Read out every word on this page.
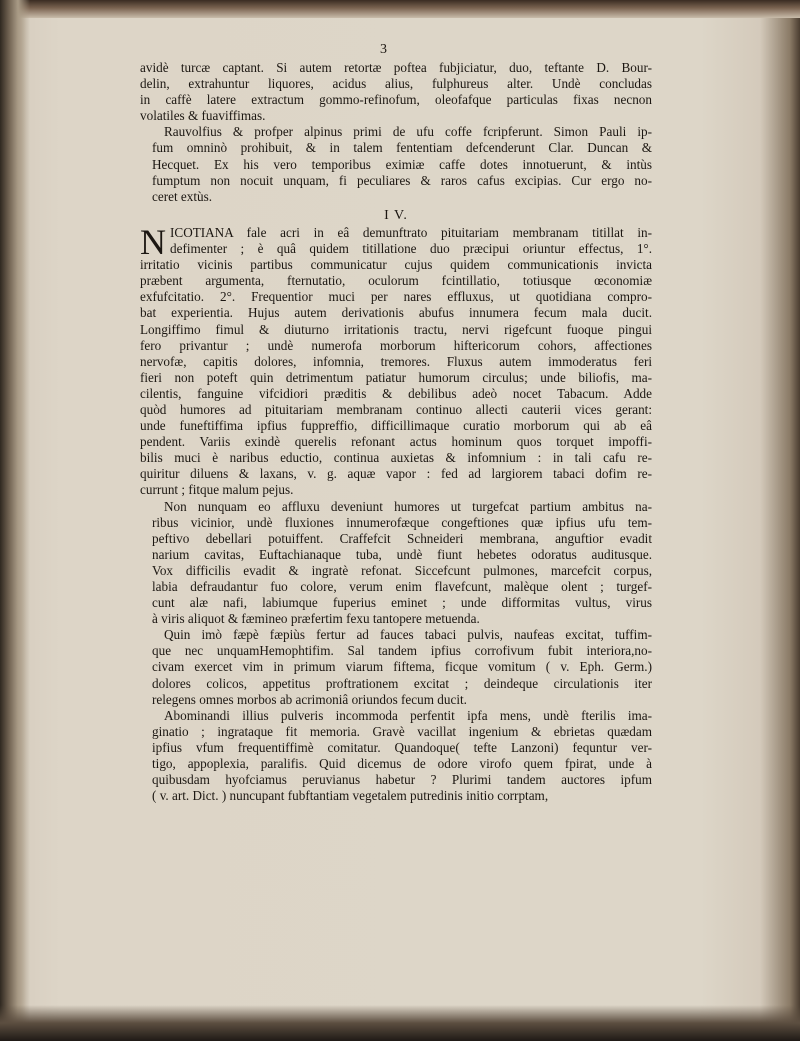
3
avidè turcæ captant. Si autem retortæ poftea fubjiciatur, duo, teftante D. Bour-
delin, extrahuntur liquores, acidus alius, fulphureus alter. Undè concludas
in caffè latere extractum gommo-refinofum, oleofafque particulas fixas necnon
volatiles & fuaviffimas.
Rauvolfius & profper alpinus primi de ufu coffe fcripferunt. Simon Pauli ip-
fum omninò prohibuit, & in talem fententiam defcenderunt Clar. Duncan &
Hecquet. Ex his vero temporibus eximiæ caffe dotes innotuerunt, & intùs
fumptum non nocuit unquam, fi peculiares & raros cafus excipias. Cur ergo no-
ceret extùs.
I V.
N ICOTIANA fale acri in eâ demunftrato pituitariam membranam titillat in-
defimenter ; è quâ quidem titillatione duo præcipui oriuntur effectus, 1°.
irritatio vicinis partibus communicatur cujus quidem communicationis invicta
præbent argumenta, fternutatio, oculorum fcintillatio, totiusque œconomiæ
exfufcitatio. 2°. Frequentior muci per nares effluxus, ut quotidiana compro-
bat experientia. Hujus autem derivationis abufus innumera fecum mala ducit.
Longiffimo fimul & diuturno irritationis tractu, nervi rigefcunt fuoque pingui
fero privantur ; undè numerofa morborum hiftericorum cohors, affectiones
nervofæ, capitis dolores, infomnia, tremores. Fluxus autem immoderatus feri
fieri non poteft quin detrimentum patiatur humorum circulus; unde biliofis, ma-
cilentis, fanguine vifcidiori præditis & debilibus adeò nocet Tabacum. Adde
quòd humores ad pituitariam membranam continuo allecti cauterii vices gerant:
unde funeftiffima ipfius fuppreffio, difficillimaque curatio morborum qui ab eâ
pendent. Variis exindè querelis refonant actus hominum quos torquet impoffi-
bilis muci è naribus eductio, continua auxietas & infomnium : in tali cafu re-
quiritur diluens & laxans, v. g. aquæ vapor : fed ad largiorem tabaci dofim re-
currunt ; fitque malum pejus.
Non nunquam eo affluxu deveniunt humores ut turgefcat partium ambitus na-
ribus vicinior, undè fluxiones innumerofæque congeftiones quæ ipfius ufu tem-
peftivo debellari potuiffent. Craffefcit Schneideri membrana, anguftior evadit
narium cavitas, Euftachianaque tuba, undè fiunt hebetes odoratus auditusque.
Vox difficilis evadit & ingratè refonat. Siccefcunt pulmones, marcefcit corpus,
labia defraudantur fuo colore, verum enim flavefcunt, malèque olent ; turgef-
cunt alæ nafi, labiumque fuperius eminet ; unde difformitas vultus, virus
à viris aliquot & fæmineo præfertim fexu tantopere metuenda.
Quin imò fæpè fæpiùs fertur ad fauces tabaci pulvis, naufeas excitat, tuffim-
que nec unquamHemophtifim. Sal tandem ipfius corrofivum fubit interiora,no-
civam exercet vim in primum viarum fiftema, ficque vomitum ( v. Eph. Germ.)
dolores colicos, appetitus proftrationem excitat ; deindeque circulationis iter
relegens omnes morbos ab acrimoniâ oriundos fecum ducit.
Abominandi illius pulveris incommoda perfentit ipfa mens, undè fterilis ima-
ginatio ; ingrataque fit memoria. Gravè vacillat ingenium & ebrietas quædam
ipfius vfum frequentiffimè comitatur. Quandoque( tefte Lanzoni) fequntur ver-
tigo, appoplexia, paralifis. Quid dicemus de odore virofo quem fpirat, unde à
quibusdam hyofciamus peruvianus habetur ? Plurimi tandem auctores ipfum
( v. art. Dict. ) nuncupant fubftantiam vegetalem putredinis initio corrptam,
